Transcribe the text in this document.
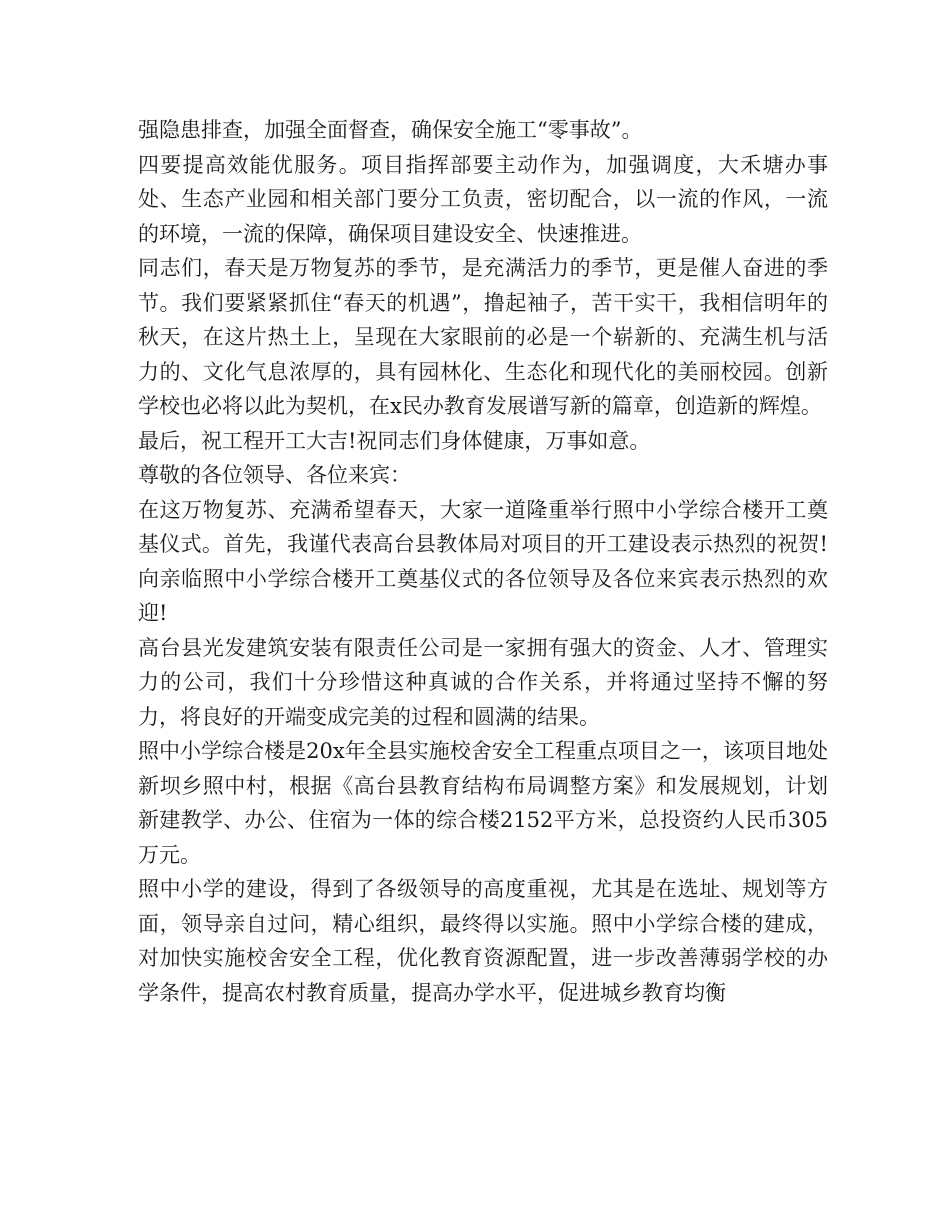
强隐患排查，加强全面督查，确保安全施工“零事故”。

四要提高效能优服务。项目指挥部要主动作为，加强调度，大禾塘办事处、生态产业园和相关部门要分工负责，密切配合，以一流的作风，一流的环境，一流的保障，确保项目建设安全、快速推进。

同志们，春天是万物复苏的季节，是充满活力的季节，更是催人奋进的季节。我们要紧紧抓住“春天的机遇”，撸起袖子，苦干实干，我相信明年的秋天，在这片热土上，呈现在大家眼前的必是一个崭新的、充满生机与活力的、文化气息浓厚的，具有园林化、生态化和现代化的美丽校园。创新学校也必将以此为契机，在x民办教育发展谱写新的篇章，创造新的辉煌。

最后，祝工程开工大吉!祝同志们身体健康，万事如意。

尊敬的各位领导、各位来宾：

在这万物复苏、充满希望春天，大家一道隆重举行照中小学综合楼开工奠基仪式。首先，我谨代表高台县教体局对项目的开工建设表示热烈的祝贺!向亲临照中小学综合楼开工奠基仪式的各位领导及各位来宾表示热烈的欢迎!

高台县光发建筑安装有限责任公司是一家拥有强大的资金、人才、管理实力的公司，我们十分珍惜这种真诚的合作关系，并将通过坚持不懈的努力，将良好的开端变成完美的过程和圆满的结果。

照中小学综合楼是20x年全县实施校舍安全工程重点项目之一，该项目地处新坝乡照中村，根据《高台县教育结构布局调整方案》和发展规划，计划新建教学、办公、住宿为一体的综合楼2152平方米，总投资约人民币305万元。

照中小学的建设，得到了各级领导的高度重视，尤其是在选址、规划等方面，领导亲自过问，精心组织，最终得以实施。照中小学综合楼的建成，对加快实施校舍安全工程，优化教育资源配置，进一步改善薄弱学校的办学条件，提高农村教育质量，提高办学水平，促进城乡教育均衡
